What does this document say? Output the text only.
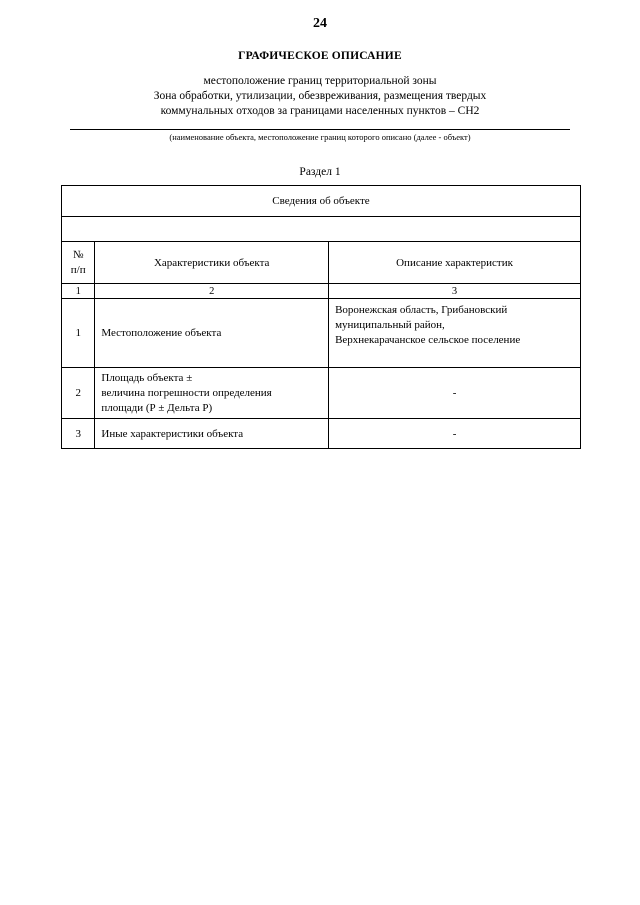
24
ГРАФИЧЕСКОЕ ОПИСАНИЕ
местоположение границ территориальной зоны
Зона обработки, утилизации, обезвреживания, размещения твердых
коммунальных отходов за границами населенных пунктов – СН2
(наименование объекта, местоположение границ которого описано (далее - объект)
Раздел 1
Сведения об объекте		

№
п/п	Характеристики объекта	Описание характеристик
1	2	3
1	Местоположение объекта	Воронежская область, Грибановский
муниципальный район,
Верхнекарачанское сельское поселение
2	Площадь объекта ±
величина погрешности определения
площади (Р ± Дельта Р)	-
3	Иные характеристики объекта	-
